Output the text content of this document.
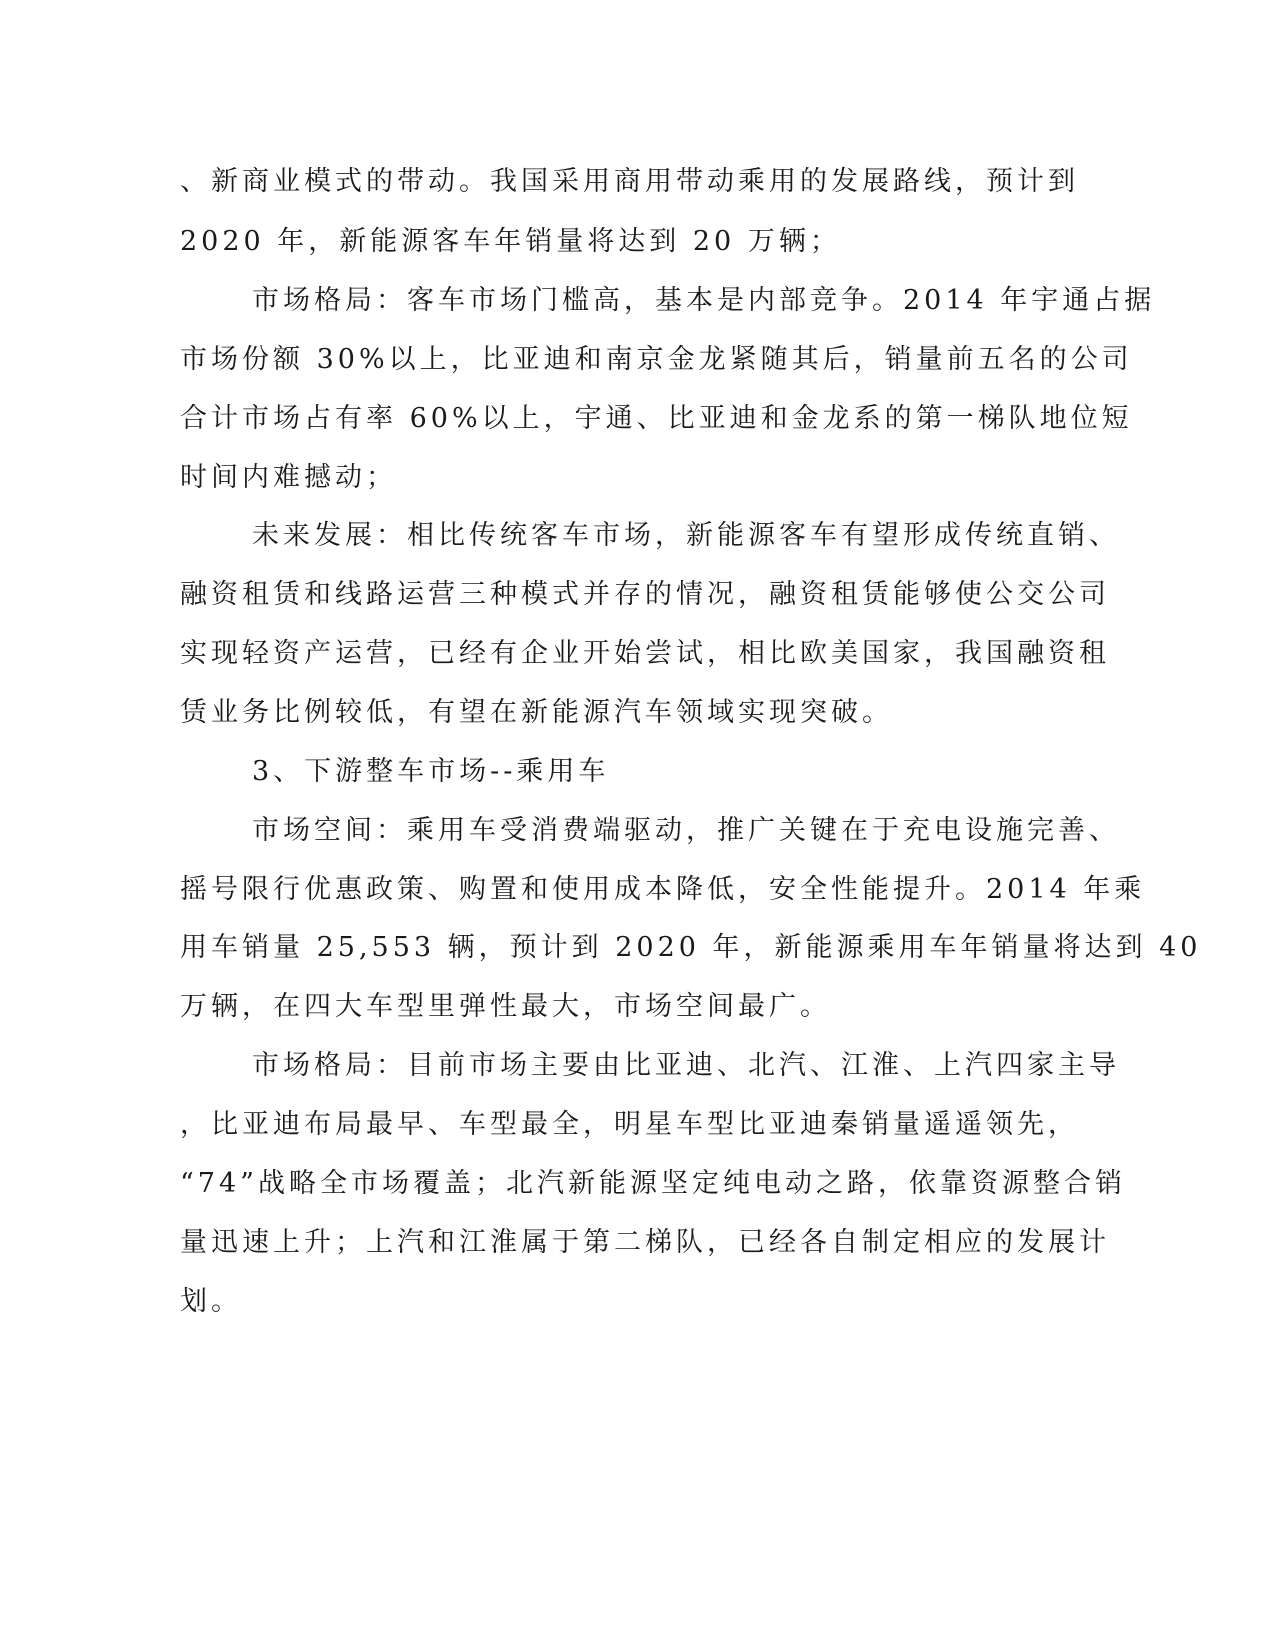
、新商业模式的带动。我国采用商用带动乘用的发展路线，预计到
2020 年，新能源客车年销量将达到 20 万辆；
市场格局：客车市场门槛高，基本是内部竞争。2014 年宇通占据
市场份额 30%以上，比亚迪和南京金龙紧随其后，销量前五名的公司
合计市场占有率 60%以上，宇通、比亚迪和金龙系的第一梯队地位短
时间内难撼动；
未来发展：相比传统客车市场，新能源客车有望形成传统直销、
融资租赁和线路运营三种模式并存的情况，融资租赁能够使公交公司
实现轻资产运营，已经有企业开始尝试，相比欧美国家，我国融资租
赁业务比例较低，有望在新能源汽车领域实现突破。
3、下游整车市场--乘用车
市场空间：乘用车受消费端驱动，推广关键在于充电设施完善、
摇号限行优惠政策、购置和使用成本降低，安全性能提升。2014 年乘
用车销量 25,553 辆，预计到 2020 年，新能源乘用车年销量将达到 40
万辆，在四大车型里弹性最大，市场空间最广。
市场格局：目前市场主要由比亚迪、北汽、江淮、上汽四家主导
，比亚迪布局最早、车型最全，明星车型比亚迪秦销量遥遥领先，
“74”战略全市场覆盖；北汽新能源坚定纯电动之路，依靠资源整合销
量迅速上升；上汽和江淮属于第二梯队，已经各自制定相应的发展计
划。
